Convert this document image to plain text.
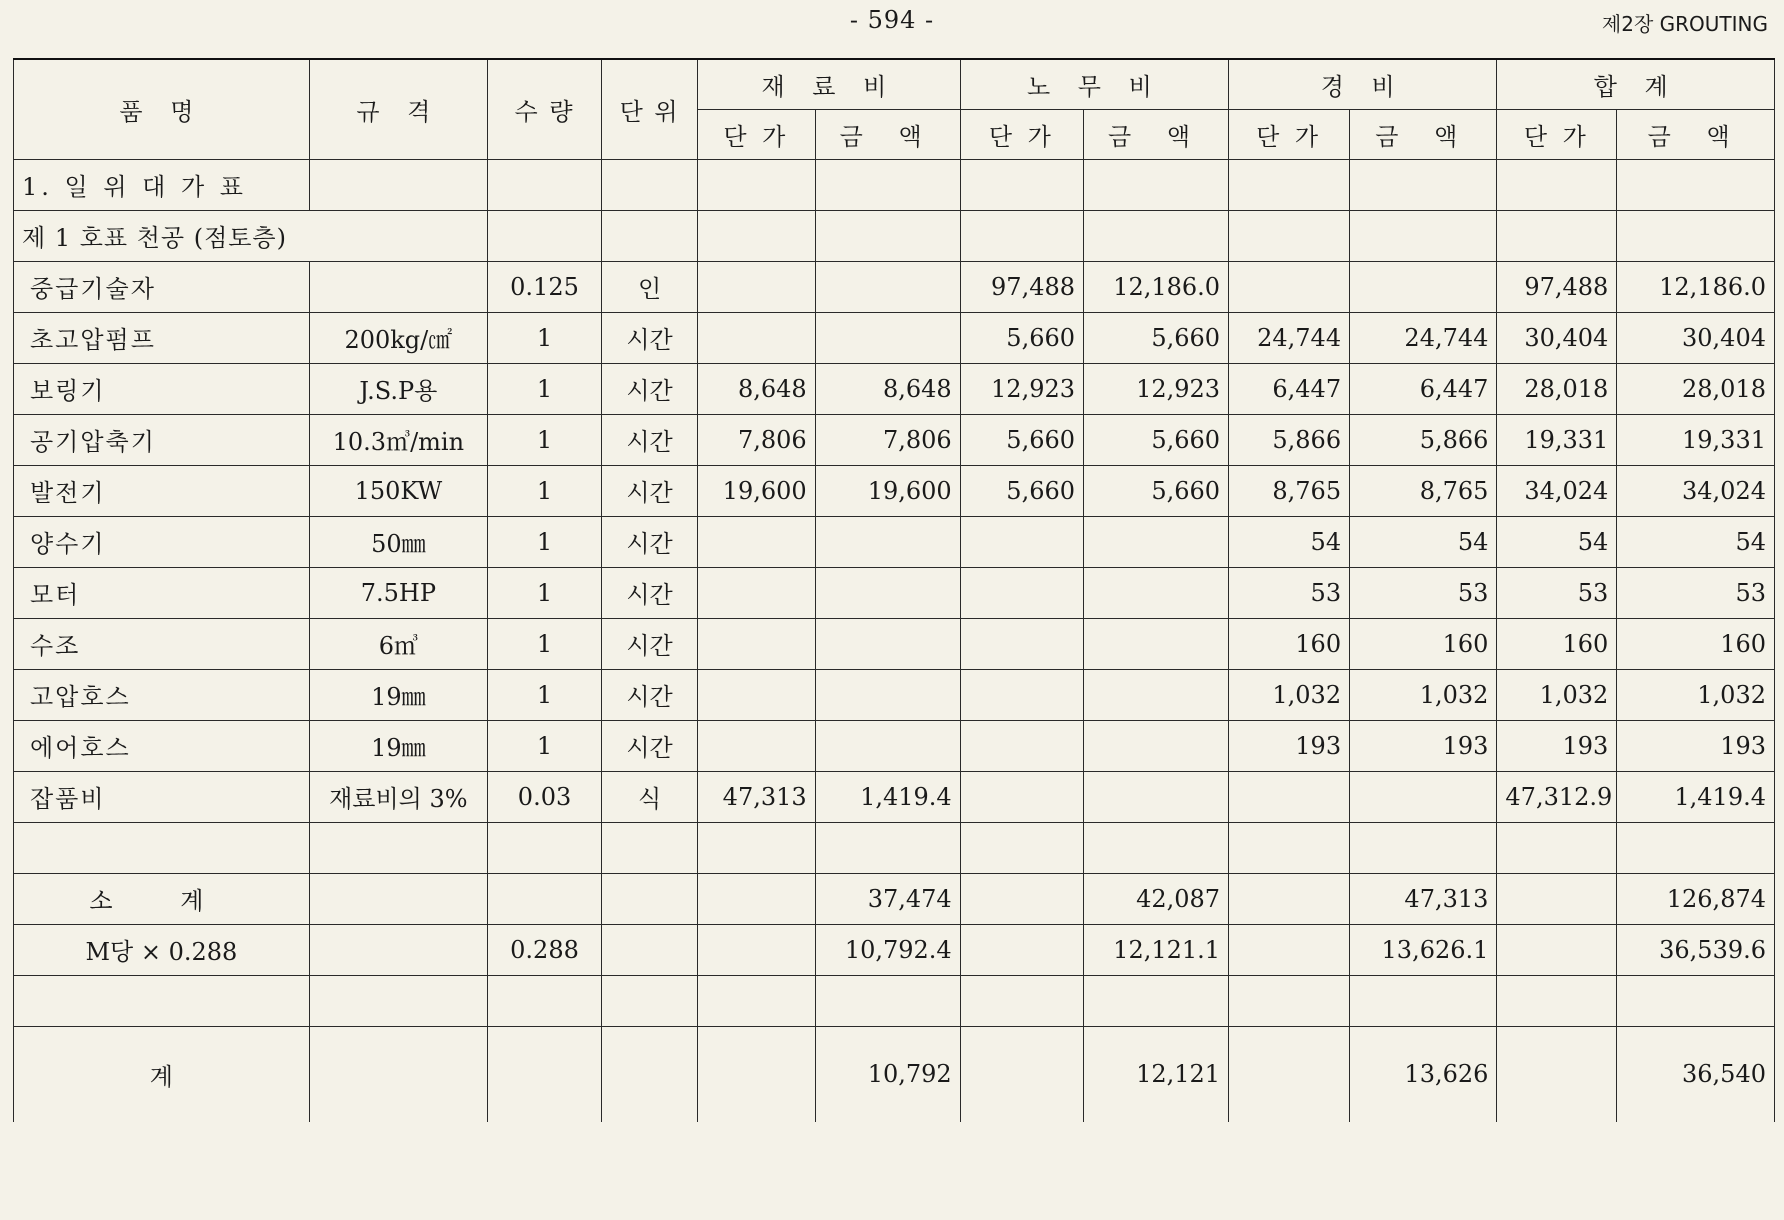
- 594 -	제2장 GROUTING
품 명	규 격	수 량	단 위	재 료 비		노 무 비		경 비		합 계	
				단 가	금 액	단 가	금 액	단 가	금 액	단 가	금 액
1. 일 위 대 가 표											
제 1 호표 천공 (점토층)											
중급기술자		0.125	인			97,488	12,186.0			97,488	12,186.0
초고압펌프	200kg/㎠	1	시간			5,660	5,660	24,744	24,744	30,404	30,404
보링기	J.S.P용	1	시간	8,648	8,648	12,923	12,923	6,447	6,447	28,018	28,018
공기압축기	10.3㎥/min	1	시간	7,806	7,806	5,660	5,660	5,866	5,866	19,331	19,331
발전기	150KW	1	시간	19,600	19,600	5,660	5,660	8,765	8,765	34,024	34,024
양수기	50㎜	1	시간					54	54	54	54
모터	7.5HP	1	시간					53	53	53	53
수조	6㎥	1	시간					160	160	160	160
고압호스	19㎜	1	시간					1,032	1,032	1,032	1,032
에어호스	19㎜	1	시간					193	193	193	193
잡품비	재료비의 3%	0.03	식	47,313	1,419.4					47,312.9	1,419.4

소 계					37,474		42,087		47,313		126,874
M당 × 0.288		0.288			10,792.4		12,121.1		13,626.1		36,539.6

계					10,792		12,121		13,626		36,540
